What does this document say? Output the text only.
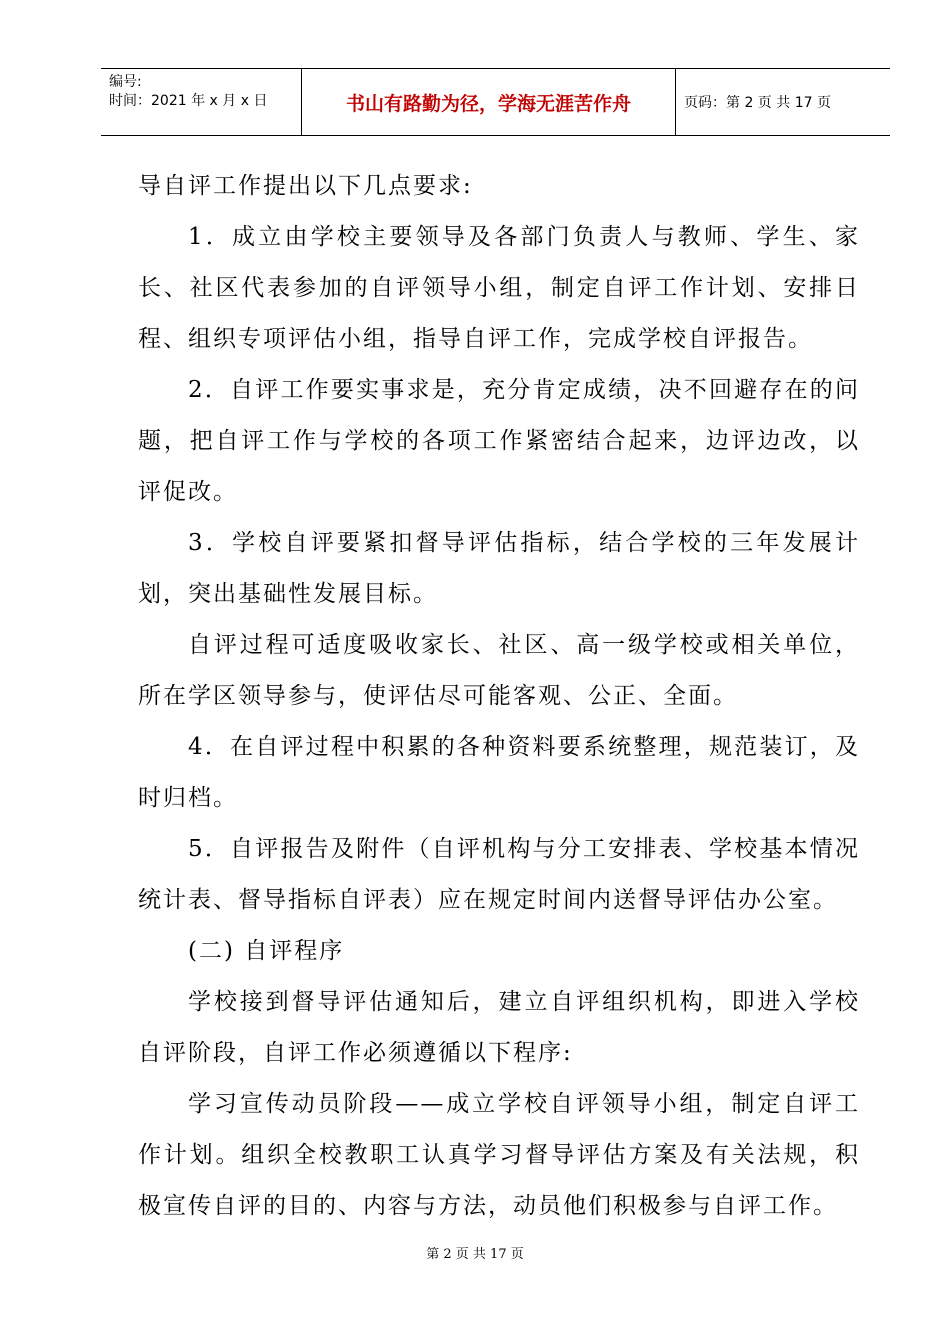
编号:
时间：2021 年 x 月 x 日	书山有路勤为径，学海无涯苦作舟	页码：第 2 页 共 17 页

导自评工作提出以下几点要求:

1．成立由学校主要领导及各部门负责人与教师、学生、家长、社区代表参加的自评领导小组，制定自评工作计划、安排日程、组织专项评估小组，指导自评工作，完成学校自评报告。

2．自评工作要实事求是，充分肯定成绩，决不回避存在的问题，把自评工作与学校的各项工作紧密结合起来，边评边改，以评促改。

3．学校自评要紧扣督导评估指标，结合学校的三年发展计划，突出基础性发展目标。

自评过程可适度吸收家长、社区、高一级学校或相关单位，所在学区领导参与，使评估尽可能客观、公正、全面。

4．在自评过程中积累的各种资料要系统整理，规范装订，及时归档。

5．自评报告及附件（自评机构与分工安排表、学校基本情况统计表、督导指标自评表）应在规定时间内送督导评估办公室。

(二) 自评程序

学校接到督导评估通知后，建立自评组织机构，即进入学校自评阶段，自评工作必须遵循以下程序:

学习宣传动员阶段——成立学校自评领导小组，制定自评工作计划。组织全校教职工认真学习督导评估方案及有关法规，积极宣传自评的目的、内容与方法，动员他们积极参与自评工作。

第 2 页 共 17 页
